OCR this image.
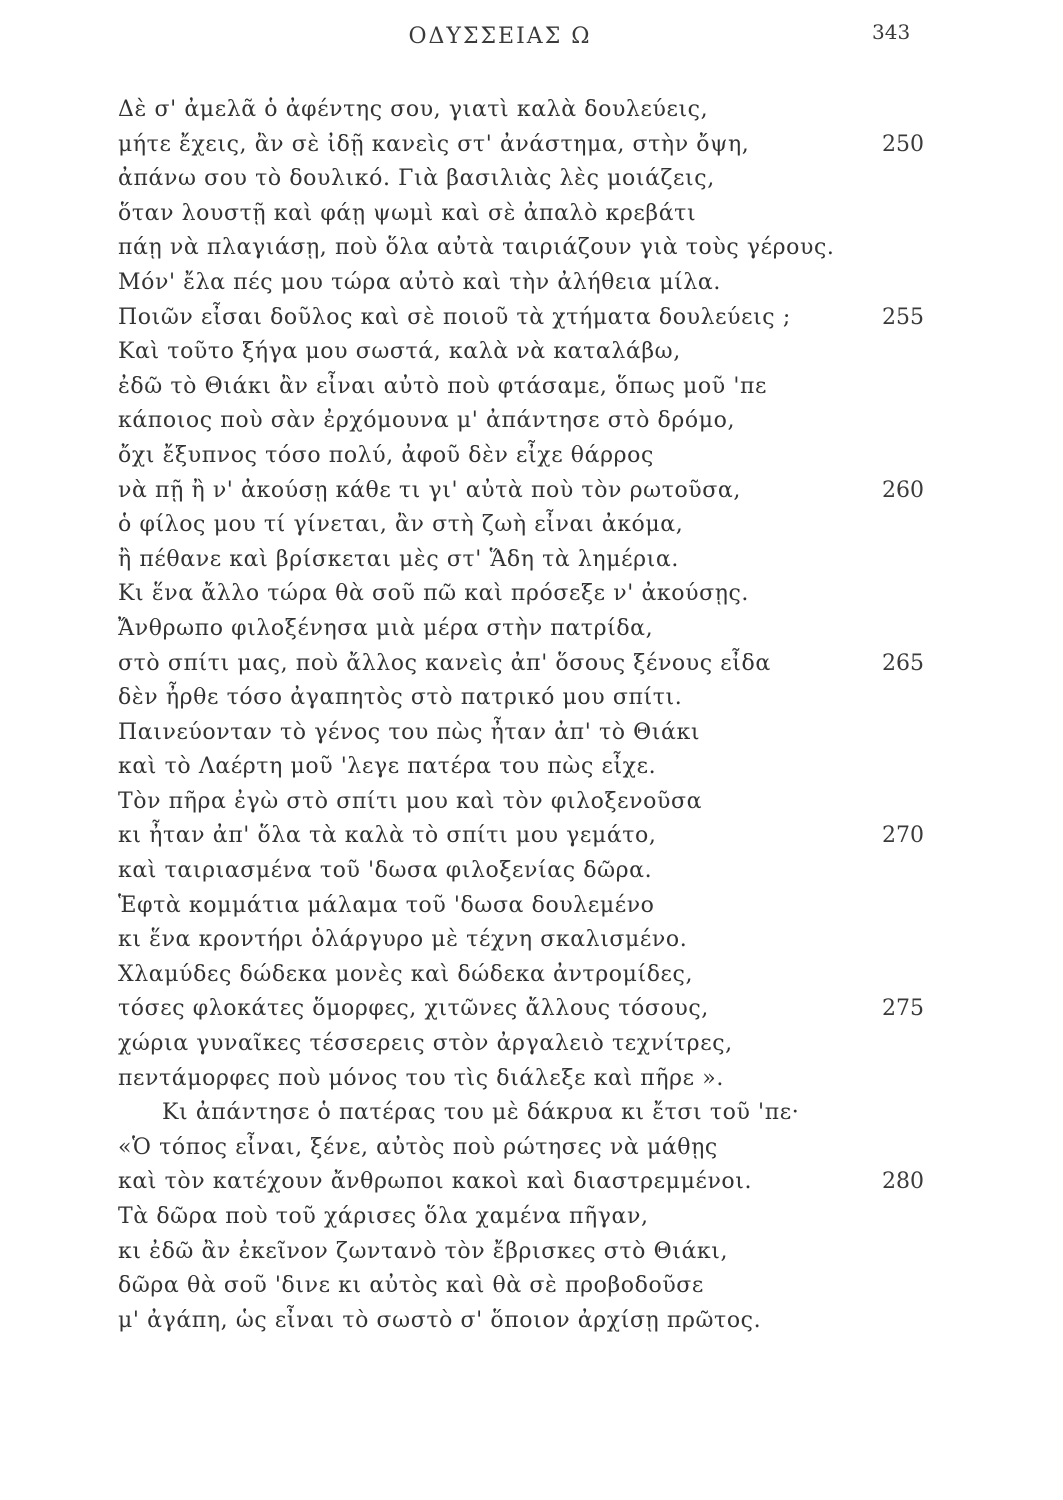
ΟΔΥΣΣΕΙΑΣ Ω	343
Δὲ σ' ἀμελᾶ ὁ ἀφέντης σου, γιατὶ καλὰ δουλεύεις,
μήτε ἔχεις, ἂν σὲ ἰδῇ κανεὶς στ' ἀνάστημα, στὴν ὄψη,	250
ἀπάνω σου τὸ δουλικό. Γιὰ βασιλιὰς λὲς μοιάζεις,
ὅταν λουστῇ καὶ φάῃ ψωμὶ καὶ σὲ ἀπαλὸ κρεβάτι
πάῃ νὰ πλαγιάσῃ, ποὺ ὅλα αὐτὰ ταιριάζουν γιὰ τοὺς γέρους.
Μόν' ἔλα πές μου τώρα αὐτὸ καὶ τὴν ἀλήθεια μίλα.
Ποιῶν εἶσαι δοῦλος καὶ σὲ ποιοῦ τὰ χτήματα δουλεύεις ;	255
Καὶ τοῦτο ξήγα μου σωστά, καλὰ νὰ καταλάβω,
ἐδῶ τὸ Θιάκι ἂν εἶναι αὐτὸ ποὺ φτάσαμε, ὅπως μοῦ 'πε
κάποιος ποὺ σὰν ἐρχόμουνα μ' ἀπάντησε στὸ δρόμο,
ὄχι ἔξυπνος τόσο πολύ, ἀφοῦ δὲν εἶχε θάρρος
νὰ πῇ ἢ ν' ἀκούσῃ κάθε τι γι' αὐτὰ ποὺ τὸν ρωτοῦσα,	260
ὁ φίλος μου τί γίνεται, ἂν στὴ ζωὴ εἶναι ἀκόμα,
ἢ πέθανε καὶ βρίσκεται μὲς στ' Ἅδη τὰ λημέρια.
Κι ἕνα ἄλλο τώρα θὰ σοῦ πῶ καὶ πρόσεξε ν' ἀκούσῃς.
Ἄνθρωπο φιλοξένησα μιὰ μέρα στὴν πατρίδα,
στὸ σπίτι μας, ποὺ ἄλλος κανεὶς ἀπ' ὅσους ξένους εἶδα	265
δὲν ἦρθε τόσο ἀγαπητὸς στὸ πατρικό μου σπίτι.
Παινεύονταν τὸ γένος του πὼς ἦταν ἀπ' τὸ Θιάκι
καὶ τὸ Λαέρτη μοῦ 'λεγε πατέρα του πὼς εἶχε.
Τὸν πῆρα ἐγὼ στὸ σπίτι μου καὶ τὸν φιλοξενοῦσα
κι ἦταν ἀπ' ὅλα τὰ καλὰ τὸ σπίτι μου γεμάτο,	270
καὶ ταιριασμένα τοῦ 'δωσα φιλοξενίας δῶρα.
Ἑφτὰ κομμάτια μάλαμα τοῦ 'δωσα δουλεμένο
κι ἕνα κροντήρι ὁλάργυρο μὲ τέχνη σκαλισμένο.
Χλαμύδες δώδεκα μονὲς καὶ δώδεκα ἀντρομίδες,
τόσες φλοκάτες ὅμορφες, χιτῶνες ἄλλους τόσους,	275
χώρια γυναῖκες τέσσερεις στὸν ἀργαλειὸ τεχνίτρες,
πεντάμορφες ποὺ μόνος του τὶς διάλεξε καὶ πῆρε ».
Κι ἀπάντησε ὁ πατέρας του μὲ δάκρυα κι ἔτσι τοῦ 'πε·
«Ὁ τόπος εἶναι, ξένε, αὐτὸς ποὺ ρώτησες νὰ μάθῃς
καὶ τὸν κατέχουν ἄνθρωποι κακοὶ καὶ διαστρεμμένοι.	280
Τὰ δῶρα ποὺ τοῦ χάρισες ὅλα χαμένα πῆγαν,
κι ἐδῶ ἂν ἐκεῖνον ζωντανὸ τὸν ἔβρισκες στὸ Θιάκι,
δῶρα θὰ σοῦ 'δινε κι αὐτὸς καὶ θὰ σὲ προβοδοῦσε
μ' ἀγάπη, ὡς εἶναι τὸ σωστὸ σ' ὅποιον ἀρχίσῃ πρῶτος.
